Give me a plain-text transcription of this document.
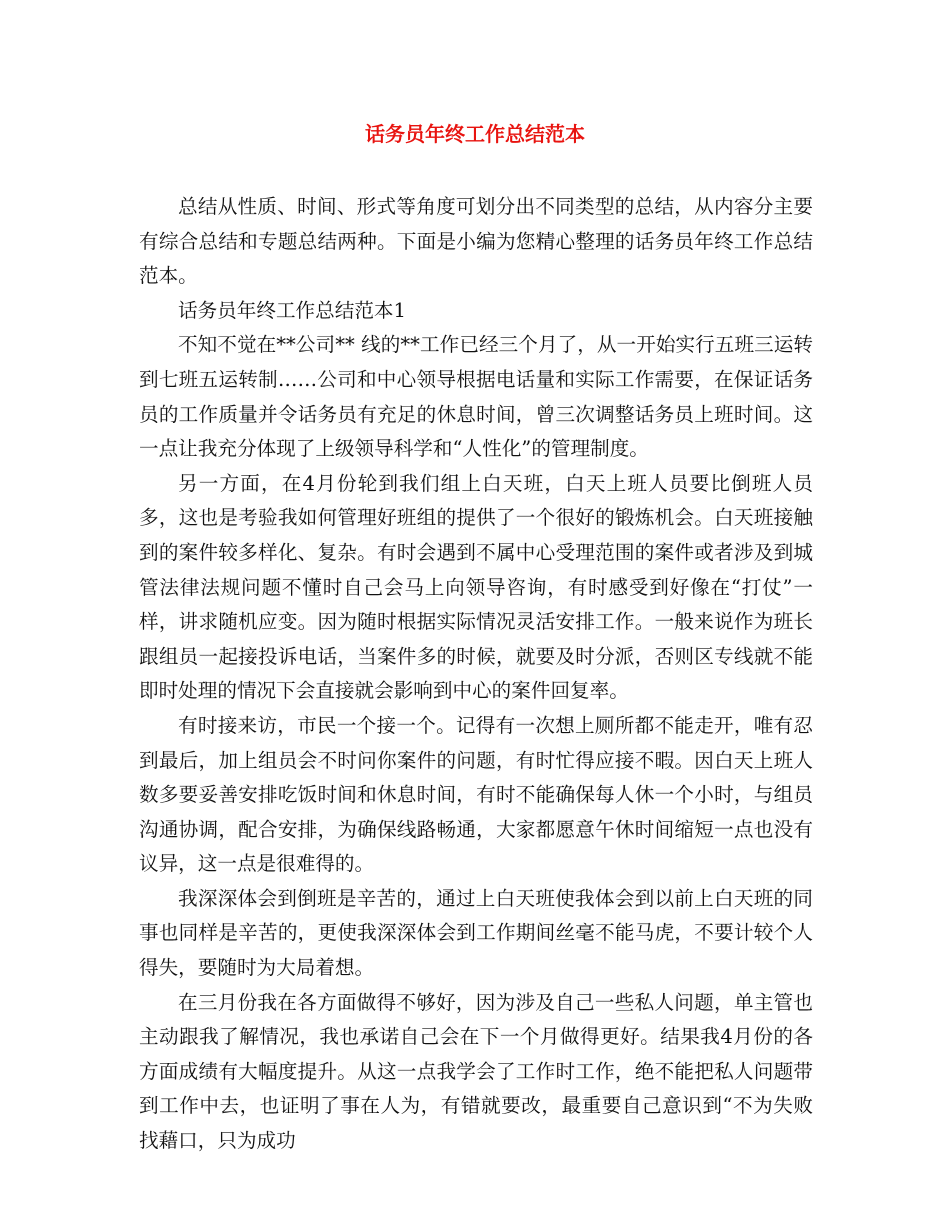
话务员年终工作总结范本

总结从性质、时间、形式等角度可划分出不同类型的总结，从内容分主要有综合总结和专题总结两种。下面是小编为您精心整理的话务员年终工作总结范本。

话务员年终工作总结范本1

不知不觉在**公司** 线的**工作已经三个月了，从一开始实行五班三运转到七班五运转制……公司和中心领导根据电话量和实际工作需要，在保证话务员的工作质量并令话务员有充足的休息时间，曾三次调整话务员上班时间。这一点让我充分体现了上级领导科学和“人性化”的管理制度。

另一方面，在4月份轮到我们组上白天班，白天上班人员要比倒班人员多，这也是考验我如何管理好班组的提供了一个很好的锻炼机会。白天班接触到的案件较多样化、复杂。有时会遇到不属中心受理范围的案件或者涉及到城管法律法规问题不懂时自己会马上向领导咨询，有时感受到好像在“打仗”一样，讲求随机应变。因为随时根据实际情况灵活安排工作。一般来说作为班长跟组员一起接投诉电话，当案件多的时候，就要及时分派，否则区专线就不能即时处理的情况下会直接就会影响到中心的案件回复率。

有时接来访，市民一个接一个。记得有一次想上厕所都不能走开，唯有忍到最后，加上组员会不时问你案件的问题，有时忙得应接不暇。因白天上班人数多要妥善安排吃饭时间和休息时间，有时不能确保每人休一个小时，与组员沟通协调，配合安排，为确保线路畅通，大家都愿意午休时间缩短一点也没有议异，这一点是很难得的。

我深深体会到倒班是辛苦的，通过上白天班使我体会到以前上白天班的同事也同样是辛苦的，更使我深深体会到工作期间丝毫不能马虎，不要计较个人得失，要随时为大局着想。

在三月份我在各方面做得不够好，因为涉及自己一些私人问题，单主管也主动跟我了解情况，我也承诺自己会在下一个月做得更好。结果我4月份的各方面成绩有大幅度提升。从这一点我学会了工作时工作，绝不能把私人问题带到工作中去，也证明了事在人为，有错就要改，最重要自己意识到“不为失败找藉口，只为成功
